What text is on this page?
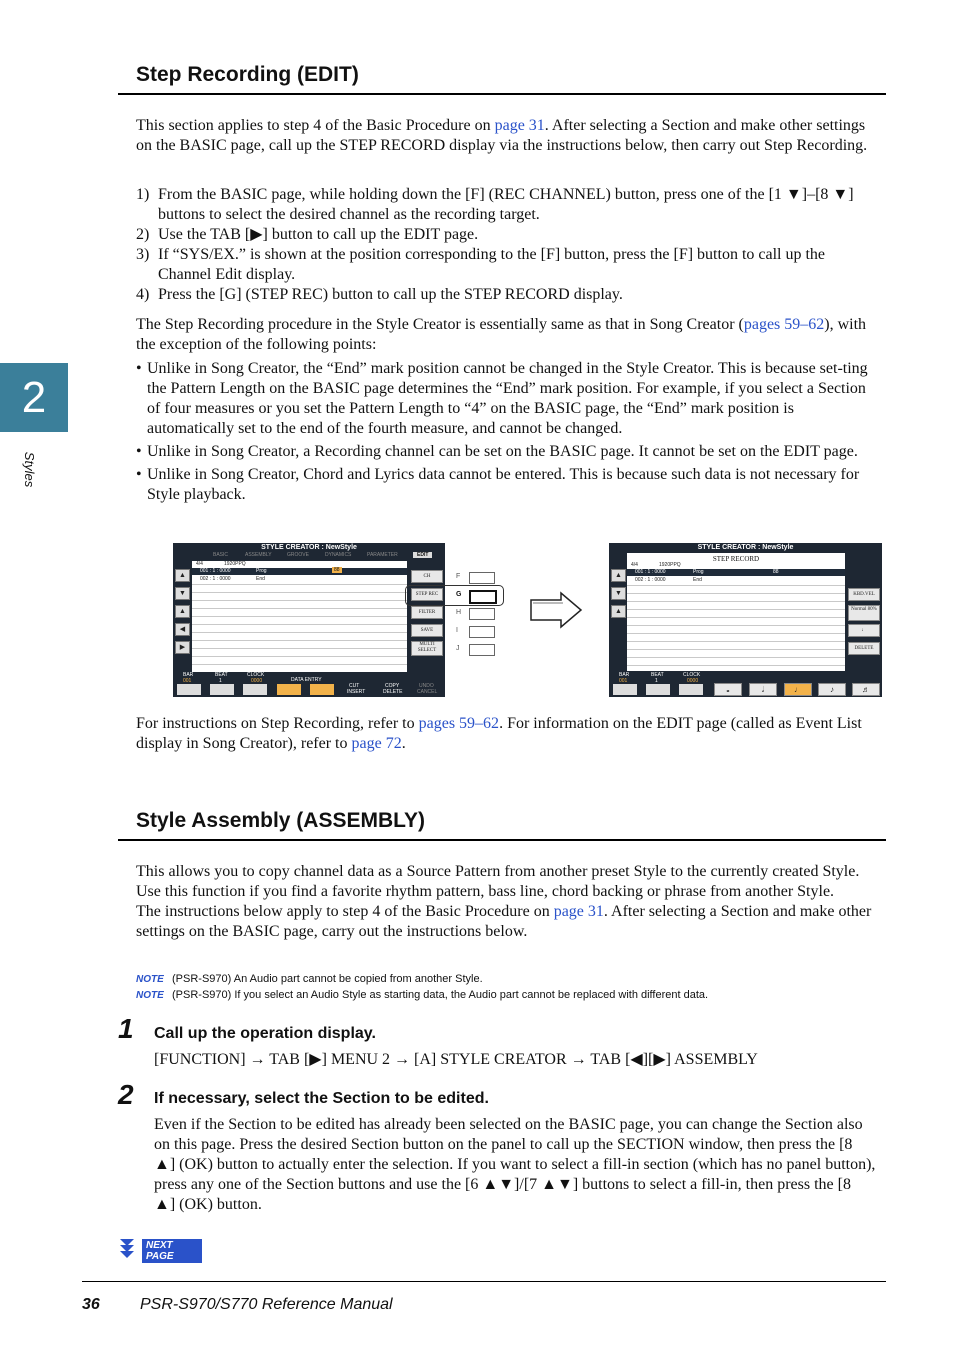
2
Styles
Step Recording (EDIT)
This section applies to step 4 of the Basic Procedure on page 31. After selecting a Section and make other settings on the BASIC page, call up the STEP RECORD display via the instructions below, then carry out Step Recording.
1) From the BASIC page, while holding down the [F] (REC CHANNEL) button, press one of the [1 ▼]–[8 ▼] buttons to select the desired channel as the recording target.
2) Use the TAB [▶] button to call up the EDIT page.
3) If “SYS/EX.” is shown at the position corresponding to the [F] button, press the [F] button to call up the Channel Edit display.
4) Press the [G] (STEP REC) button to call up the STEP RECORD display.
The Step Recording procedure in the Style Creator is essentially same as that in Song Creator (pages 59–62), with the exception of the following points:
• Unlike in Song Creator, the “End” mark position cannot be changed in the Style Creator. This is because set-ting the Pattern Length on the BASIC page determines the “End” mark position. For example, if you select a Section of four measures or you set the Pattern Length to “4” on the BASIC page, the “End” mark position is automatically set to the end of the fourth measure, and cannot be changed.
• Unlike in Song Creator, a Recording channel can be set on the BASIC page. It cannot be set on the EDIT page.
• Unlike in Song Creator, Chord and Lyrics data cannot be entered. This is because such data is not necessary for Style playback.
STYLE CREATOR : NewStyle
BASIC	ASSEMBLY	GROOVE	DYNAMICS	PARAMETER	EDIT
4/4	1920PPQ
001 : 1 : 0000	Prog	88
002 : 1 : 0000	End
▲
▼
▲
◀
▶
CH
STEP REC
FILTER
SAVE
MULTI SELECT
BAR	BEAT	CLOCK
DATA ENTRY
001	1	0000
CUT
INSERT
COPY
DELETE
UNDO
CANCEL
F
G
H
I
J
STYLE CREATOR : NewStyle
STEP RECORD
4/4	1920PPQ
001 : 1 : 0000	Prog	88
002 : 1 : 0000	End
▲
▼
▲
KBD.VEL
Normal 80%
♩
DELETE
BAR	BEAT	CLOCK
001	1	0000
𝅝	𝅗𝅥	♩	♪	♬
For instructions on Step Recording, refer to pages 59–62. For information on the EDIT page (called as Event List display in Song Creator), refer to page 72.
Style Assembly (ASSEMBLY)
This allows you to copy channel data as a Source Pattern from another preset Style to the currently created Style. Use this function if you find a favorite rhythm pattern, bass line, chord backing or phrase from another Style.
The instructions below apply to step 4 of the Basic Procedure on page 31. After selecting a Section and make other settings on the BASIC page, carry out the instructions below.
NOTE (PSR-S970) An Audio part cannot be copied from another Style.
NOTE (PSR-S970) If you select an Audio Style as starting data, the Audio part cannot be replaced with different data.
1 Call up the operation display.
[FUNCTION] → TAB [▶] MENU 2 → [A] STYLE CREATOR → TAB [◀][▶] ASSEMBLY
2 If necessary, select the Section to be edited.
Even if the Section to be edited has already been selected on the BASIC page, you can change the Section also on this page. Press the desired Section button on the panel to call up the SECTION window, then press the [8 ▲] (OK) button to actually enter the selection. If you want to select a fill-in section (which has no panel button), press any one of the Section buttons and use the [6 ▲▼]/[7 ▲▼] buttons to select a fill-in, then press the [8 ▲] (OK) button.
NEXT PAGE
36	PSR-S970/S770 Reference Manual
